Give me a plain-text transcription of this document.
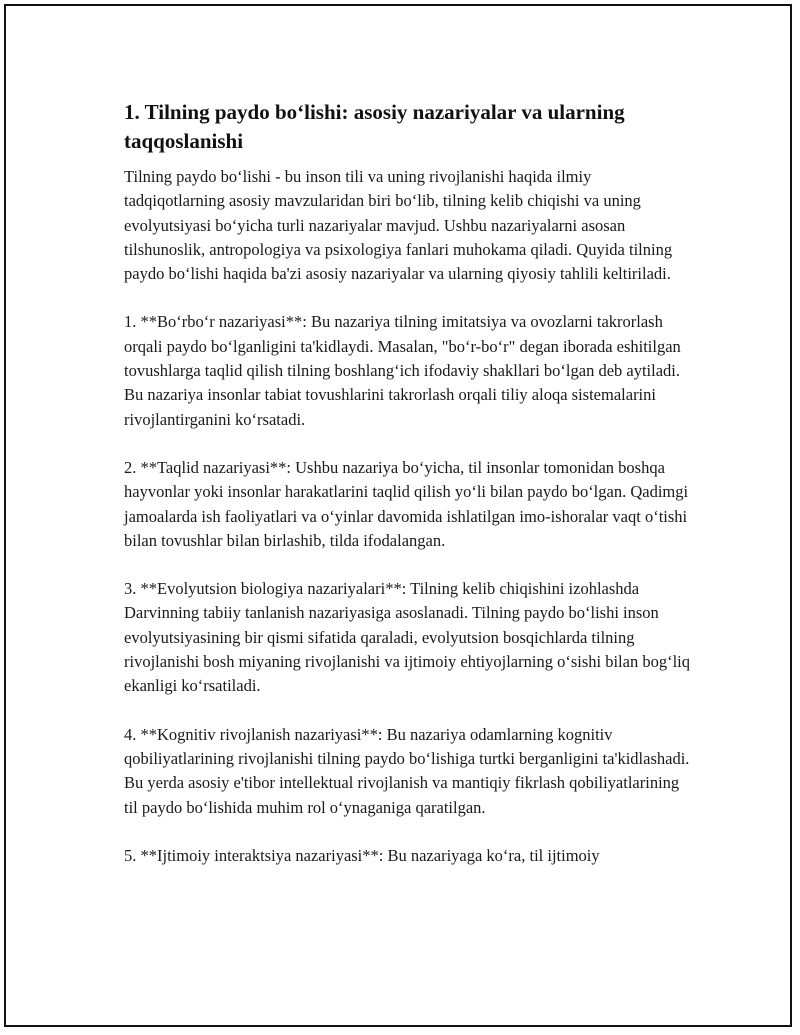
1. Tilning paydo bo‘lishi: asosiy nazariyalar va ularning taqqoslanishi

Tilning paydo bo‘lishi - bu inson tili va uning rivojlanishi haqida ilmiy tadqiqotlarning asosiy mavzularidan biri bo‘lib, tilning kelib chiqishi va uning evolyutsiyasi bo‘yicha turli nazariyalar mavjud. Ushbu nazariyalarni asosan tilshunoslik, antropologiya va psixologiya fanlari muhokama qiladi. Quyida tilning paydo bo‘lishi haqida ba'zi asosiy nazariyalar va ularning qiyosiy tahlili keltiriladi.

1. **Bo‘rbo‘r nazariyasi**: Bu nazariya tilning imitatsiya va ovozlarni takrorlash orqali paydo bo‘lganligini ta'kidlaydi. Masalan, "bo‘r-bo‘r" degan iborada eshitilgan tovushlarga taqlid qilish tilning boshlang‘ich ifodaviy shakllari bo‘lgan deb aytiladi. Bu nazariya insonlar tabiat tovushlarini takrorlash orqali tiliy aloqa sistemalarini rivojlantirganini ko‘rsatadi.

2. **Taqlid nazariyasi**: Ushbu nazariya bo‘yicha, til insonlar tomonidan boshqa hayvonlar yoki insonlar harakatlarini taqlid qilish yo‘li bilan paydo bo‘lgan. Qadimgi jamoalarda ish faoliyatlari va o‘yinlar davomida ishlatilgan imo-ishoralar vaqt o‘tishi bilan tovushlar bilan birlashib, tilda ifodalangan.

3. **Evolyutsion biologiya nazariyalari**: Tilning kelib chiqishini izohlashda Darvinning tabiiy tanlanish nazariyasiga asoslanadi. Tilning paydo bo‘lishi inson evolyutsiyasining bir qismi sifatida qaraladi, evolyutsion bosqichlarda tilning rivojlanishi bosh miyaning rivojlanishi va ijtimoiy ehtiyojlarning o‘sishi bilan bog‘liq ekanligi ko‘rsatiladi.

4. **Kognitiv rivojlanish nazariyasi**: Bu nazariya odamlarning kognitiv qobiliyatlarining rivojlanishi tilning paydo bo‘lishiga turtki berganligini ta'kidlashadi. Bu yerda asosiy e'tibor intellektual rivojlanish va mantiqiy fikrlash qobiliyatlarining til paydo bo‘lishida muhim rol o‘ynaganiga qaratilgan.

5. **Ijtimoiy interaktsiya nazariyasi**: Bu nazariyaga ko‘ra, til ijtimoiy
